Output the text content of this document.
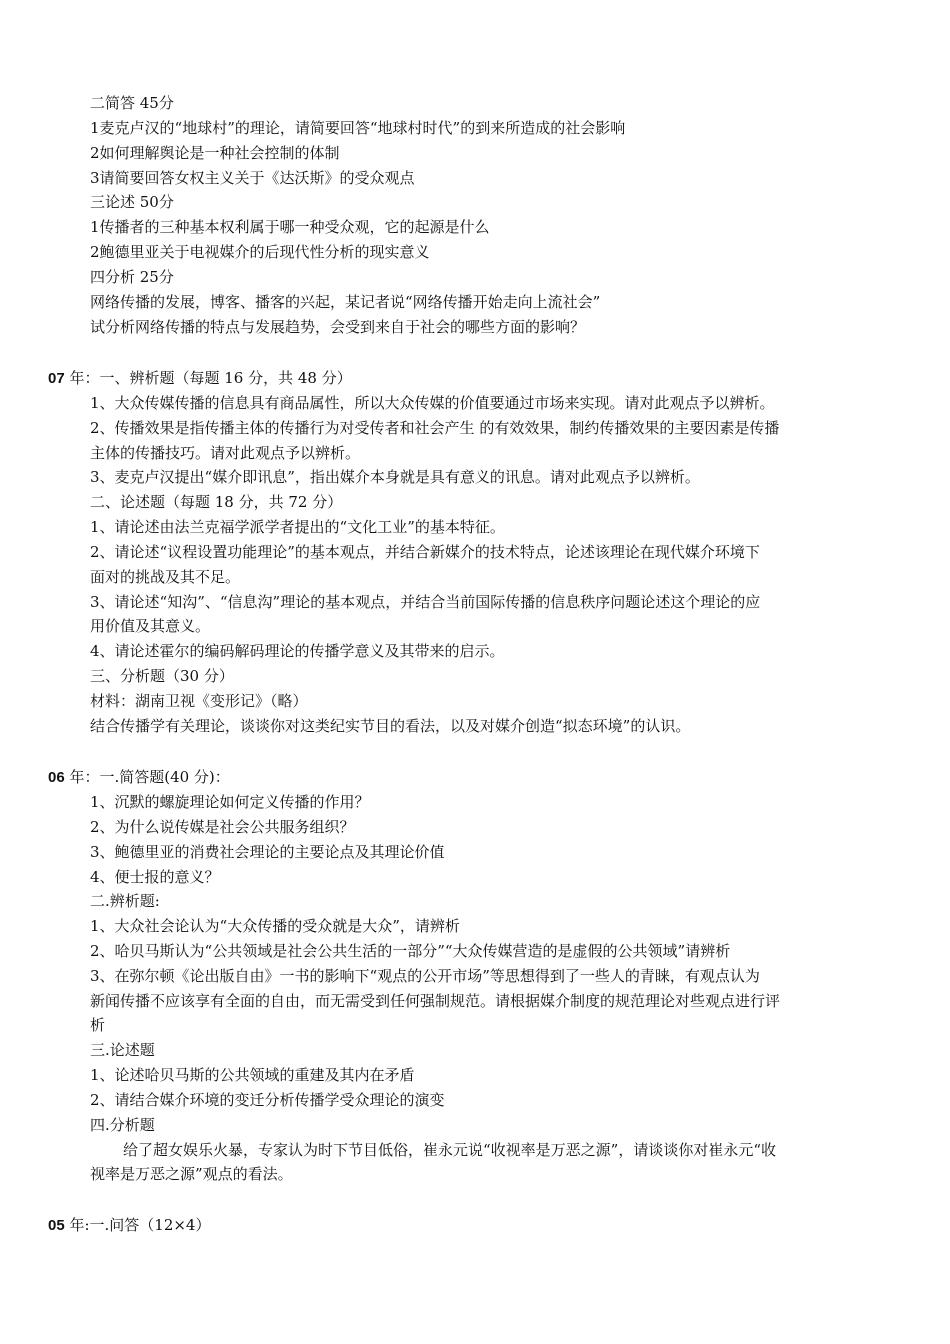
二简答 45分
1麦克卢汉的“地球村”的理论，请简要回答“地球村时代”的到来所造成的社会影响
2如何理解舆论是一种社会控制的体制
3请简要回答女权主义关于《达沃斯》的受众观点
三论述 50分
1传播者的三种基本权利属于哪一种受众观，它的起源是什么
2鲍德里亚关于电视媒介的后现代性分析的现实意义
四分析 25分
网络传播的发展，博客、播客的兴起，某记者说“网络传播开始走向上流社会”
试分析网络传播的特点与发展趋势，会受到来自于社会的哪些方面的影响？
07 年：一、辨析题（每题 16 分，共 48 分）
1、大众传媒传播的信息具有商品属性，所以大众传媒的价值要通过市场来实现。请对此观点予以辨析。
2、传播效果是指传播主体的传播行为对受传者和社会产生 的有效效果，制约传播效果的主要因素是传播
主体的传播技巧。请对此观点予以辨析。
3、麦克卢汉提出“媒介即讯息”，指出媒介本身就是具有意义的讯息。请对此观点予以辨析。
二、论述题（每题 18 分，共 72 分）
1、请论述由法兰克福学派学者提出的“文化工业”的基本特征。
2、请论述“议程设置功能理论”的基本观点，并结合新媒介的技术特点，论述该理论在现代媒介环境下
面对的挑战及其不足。
3、请论述“知沟”、“信息沟”理论的基本观点，并结合当前国际传播的信息秩序问题论述这个理论的应
用价值及其意义。
4、请论述霍尔的编码解码理论的传播学意义及其带来的启示。
三、分析题（30 分）
材料：湖南卫视《变形记》（略）
结合传播学有关理论，谈谈你对这类纪实节目的看法，以及对媒介创造“拟态环境”的认识。
06 年：一.简答题(40 分)：
1、沉默的螺旋理论如何定义传播的作用？
2、为什么说传媒是社会公共服务组织？
3、鲍德里亚的消费社会理论的主要论点及其理论价值
4、便士报的意义？
二.辨析题:
1、大众社会论认为“大众传播的受众就是大众”，请辨析
2、哈贝马斯认为“公共领域是社会公共生活的一部分”“大众传媒营造的是虚假的公共领域”请辨析
3、在弥尔顿《论出版自由》一书的影响下“观点的公开市场”等思想得到了一些人的青睐，有观点认为
新闻传播不应该享有全面的自由，而无需受到任何强制规范。请根据媒介制度的规范理论对些观点进行评
析
三.论述题
1、论述哈贝马斯的公共领域的重建及其内在矛盾
2、请结合媒介环境的变迁分析传播学受众理论的演变
四.分析题
给了超女娱乐火暴，专家认为时下节目低俗，崔永元说“收视率是万恶之源”，请谈谈你对崔永元“收
视率是万恶之源”观点的看法。
05 年:一.问答（12×4）
